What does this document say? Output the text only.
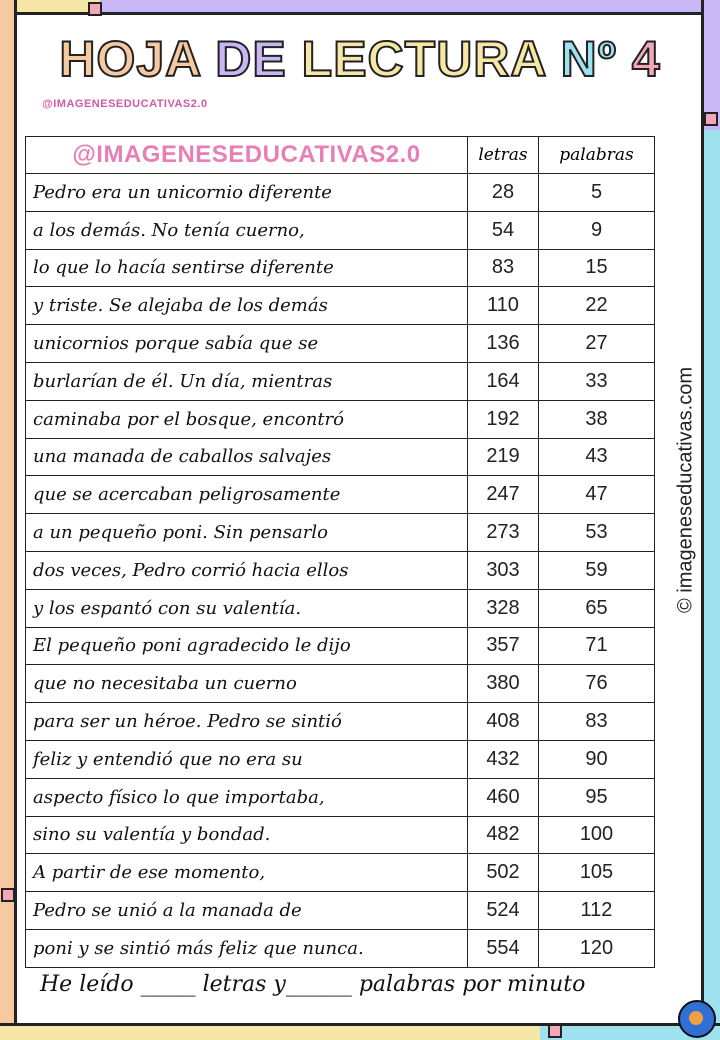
HOJA DE LECTURA Nº 4
@IMAGENESEDUCATIVAS2.0
@IMAGENESEDUCATIVAS2.0	letras	palabras
Pedro era un unicornio diferente	28	5
a los demás. No tenía cuerno,	54	9
lo que lo hacía sentirse diferente	83	15
y triste. Se alejaba de los demás	110	22
unicornios porque sabía que se	136	27
burlarían de él. Un día, mientras	164	33
caminaba por el bosque, encontró	192	38
una manada de caballos salvajes	219	43
que se acercaban peligrosamente	247	47
a un pequeño poni. Sin pensarlo	273	53
dos veces, Pedro corrió hacia ellos	303	59
y los espantó con su valentía.	328	65
El pequeño poni agradecido le dijo	357	71
que no necesitaba un cuerno	380	76
para ser un héroe. Pedro se sintió	408	83
feliz y entendió que no era su	432	90
aspecto físico lo que importaba,	460	95
sino su valentía y bondad.	482	100
A partir de ese momento,	502	105
Pedro se unió a la manada de	524	112
poni y se sintió más feliz que nunca.	554	120
© imageneseducativas.com
He leído _____ letras y______ palabras por minuto
